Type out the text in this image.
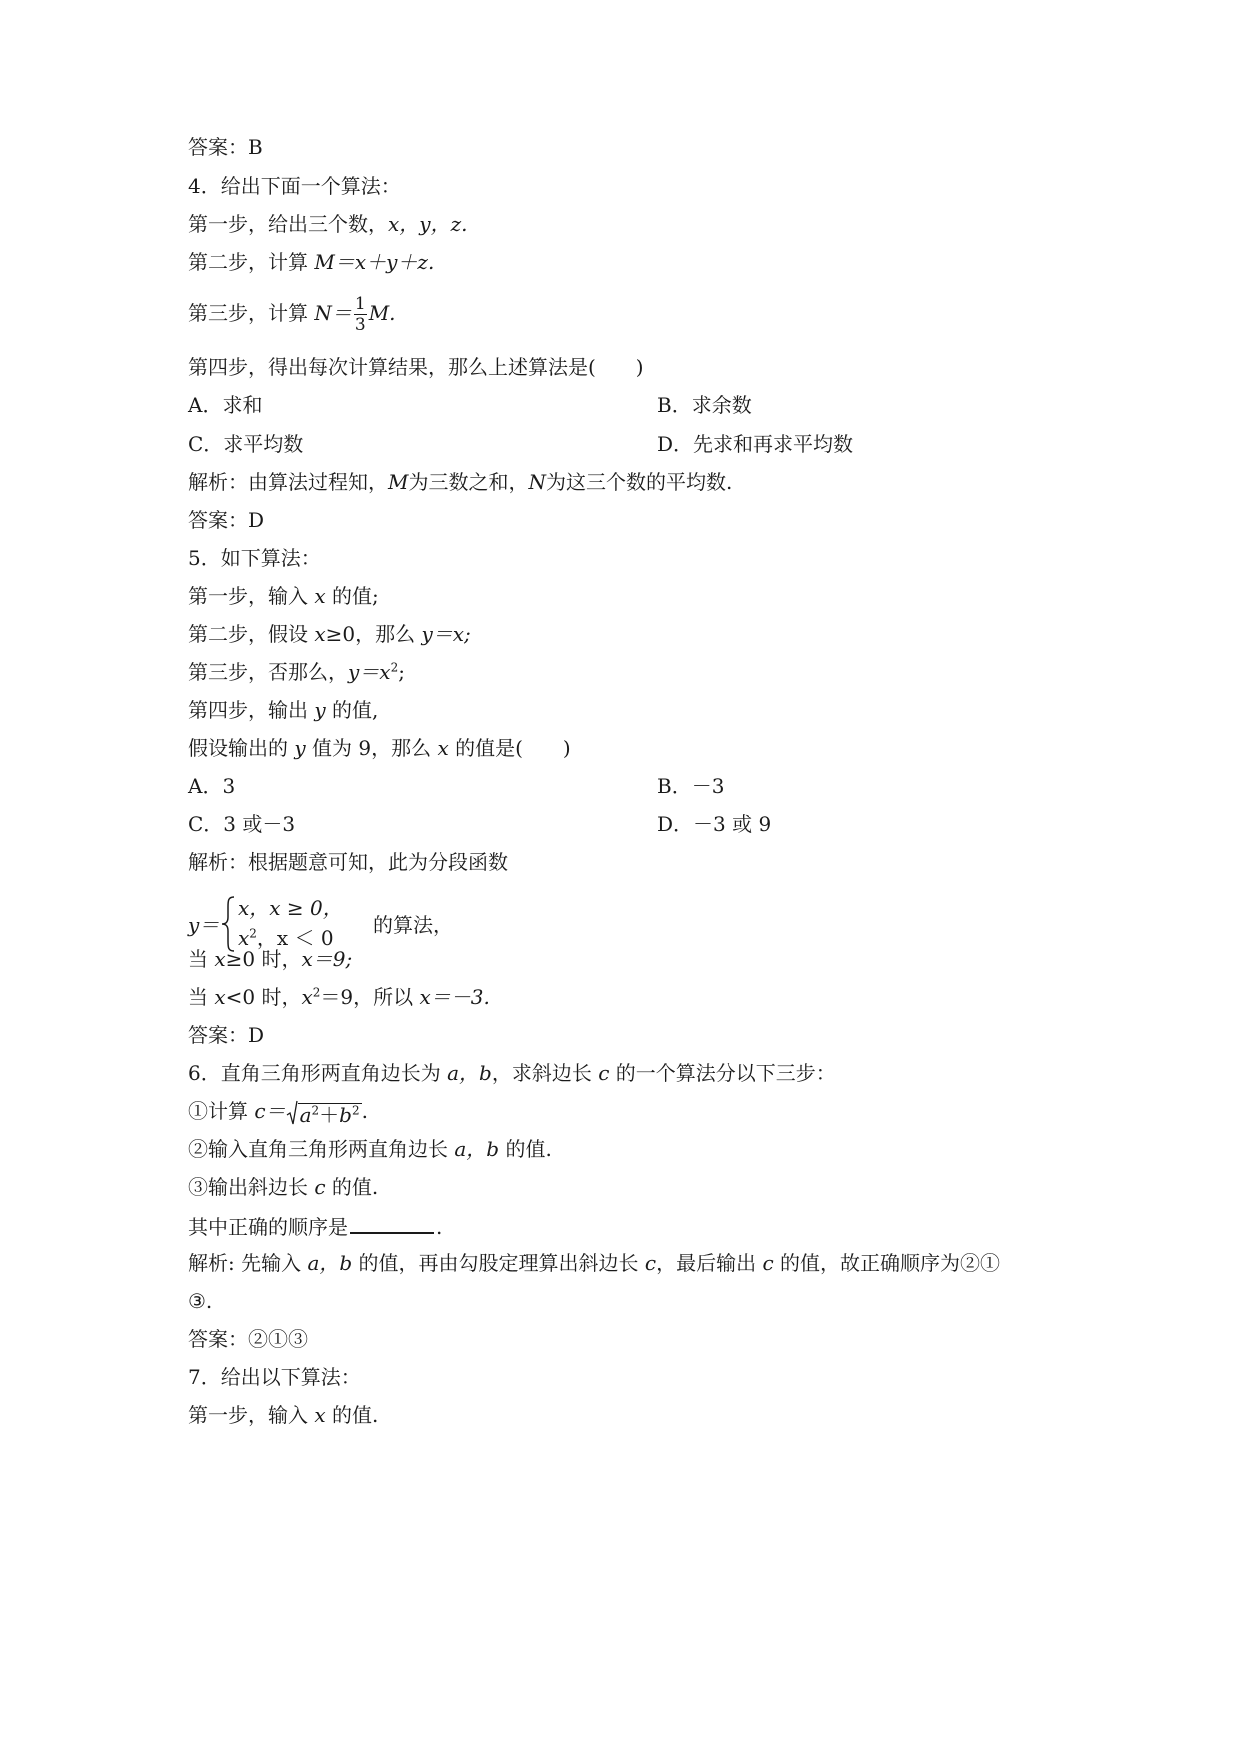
答案：B
4．给出下面一个算法：
第一步，给出三个数，x，y，z.
第二步，计算 M＝x＋y＋z.
第三步，计算 $N= \frac{1}{3} M$.
第四步，得出每次计算结果，那么上述算法是(　　)
A．求和	B．求余数
C．求平均数	D．先求和再求平均数
解析：由算法过程知，M为三数之和，N为这三个数的平均数.
答案：D
5．如下算法：
第一步，输入 x 的值;
第二步，假设 x≥0，那么 y＝x;
第三步，否那么，$y=x^2$;
第四步，输出 y 的值,
假设输出的 y 值为 9，那么 x 的值是(　　)
A．3	B．－3
C．3 或－3	D．－3 或 9
解析：根据题意可知，此为分段函数
y＝
x，x ≥ 0，
$x^2$，x ＜ 0
的算法，
当 x≥0 时，x＝9;
当 x<0 时，$x^2=9$，所以 x＝－3.
答案：D
6．直角三角形两直角边长为 a，b，求斜边长 c 的一个算法分以下三步：
①计算 $c= a^2+b^2$ .
②输入直角三角形两直角边长 a，b 的值.
③输出斜边长 c 的值.
其中正确的顺序是	.
解析: 先输入 a，b 的值，再由勾股定理算出斜边长 c，最后输出 c 的值，故正确顺序为②①
③.
答案：②①③
7．给出以下算法：
第一步，输入 x 的值.
